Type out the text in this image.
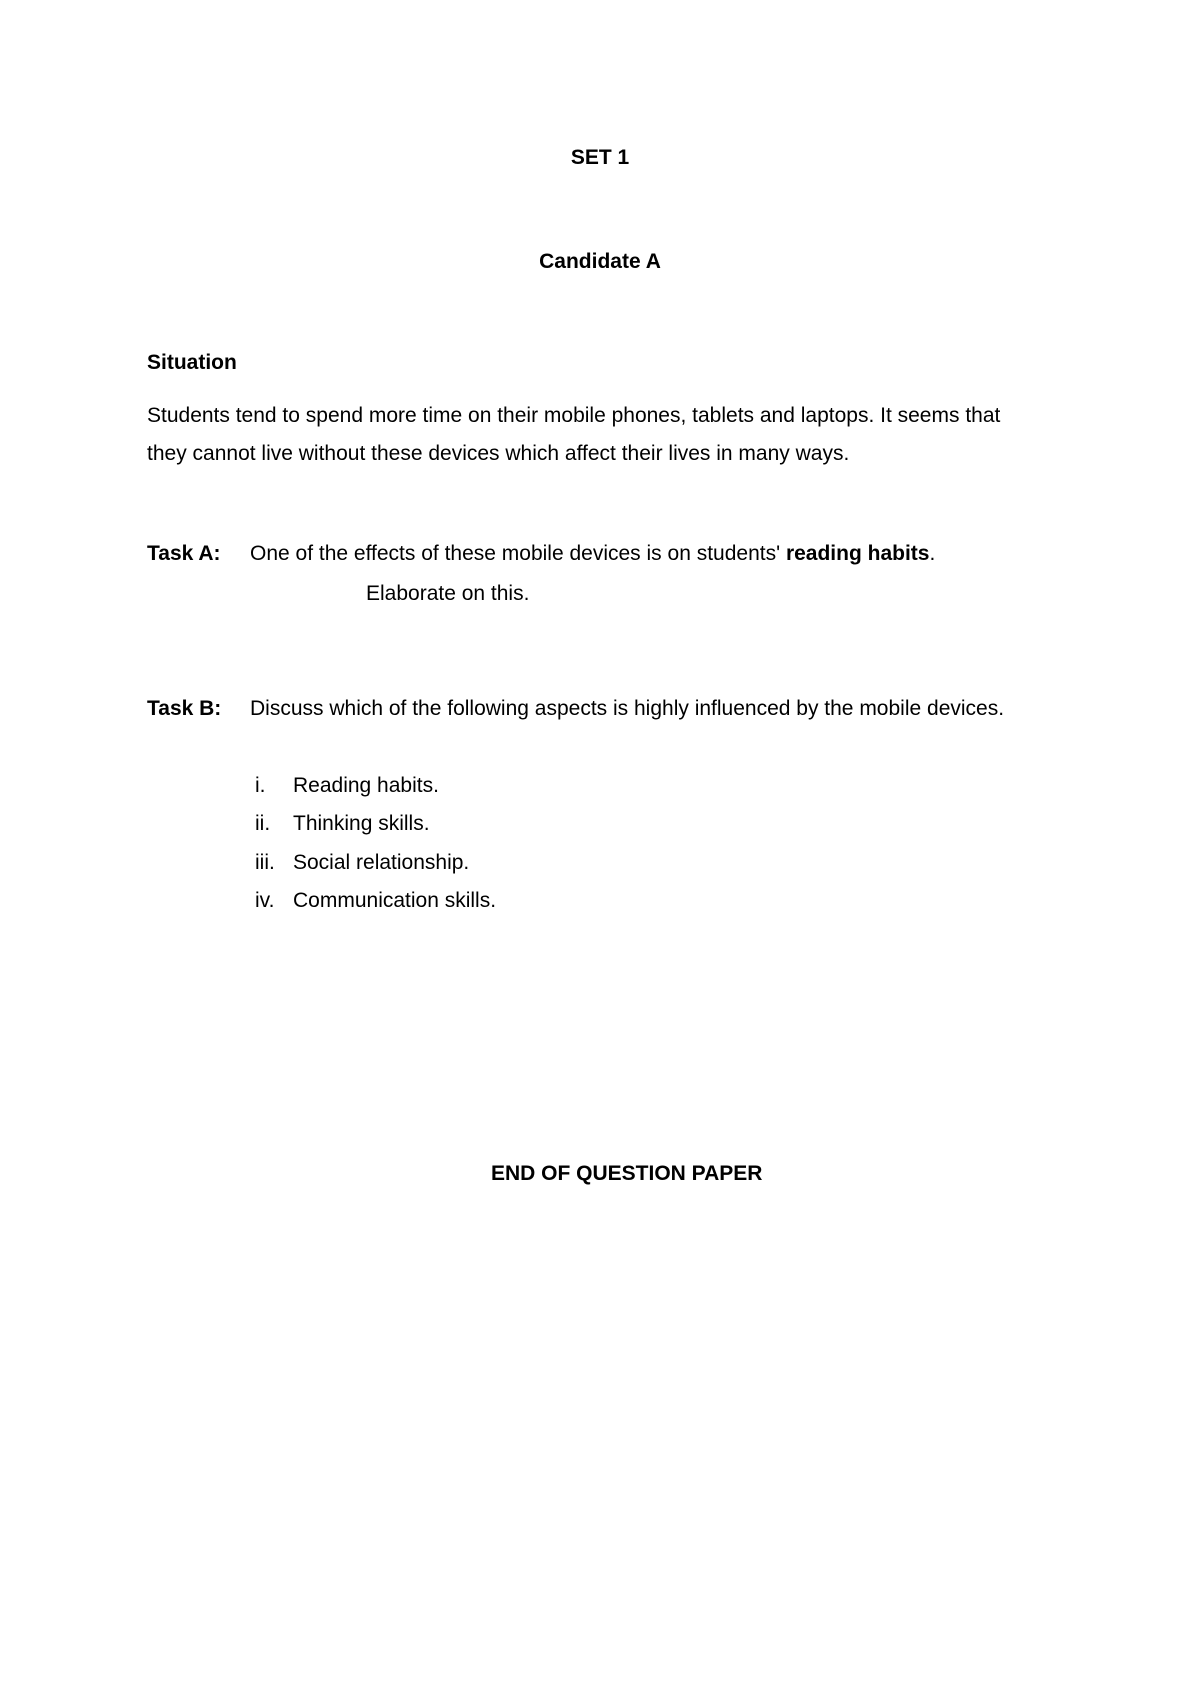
SET 1
Candidate A
Situation
Students tend to spend more time on their mobile phones, tablets and laptops. It seems that
they cannot live without these devices which affect their lives in many ways.
Task A: One of the effects of these mobile devices is on students' reading habits.
Elaborate on this.
Task B: Discuss which of the following aspects is highly influenced by the mobile devices.
i. Reading habits.
ii. Thinking skills.
iii. Social relationship.
iv. Communication skills.
END OF QUESTION PAPER
